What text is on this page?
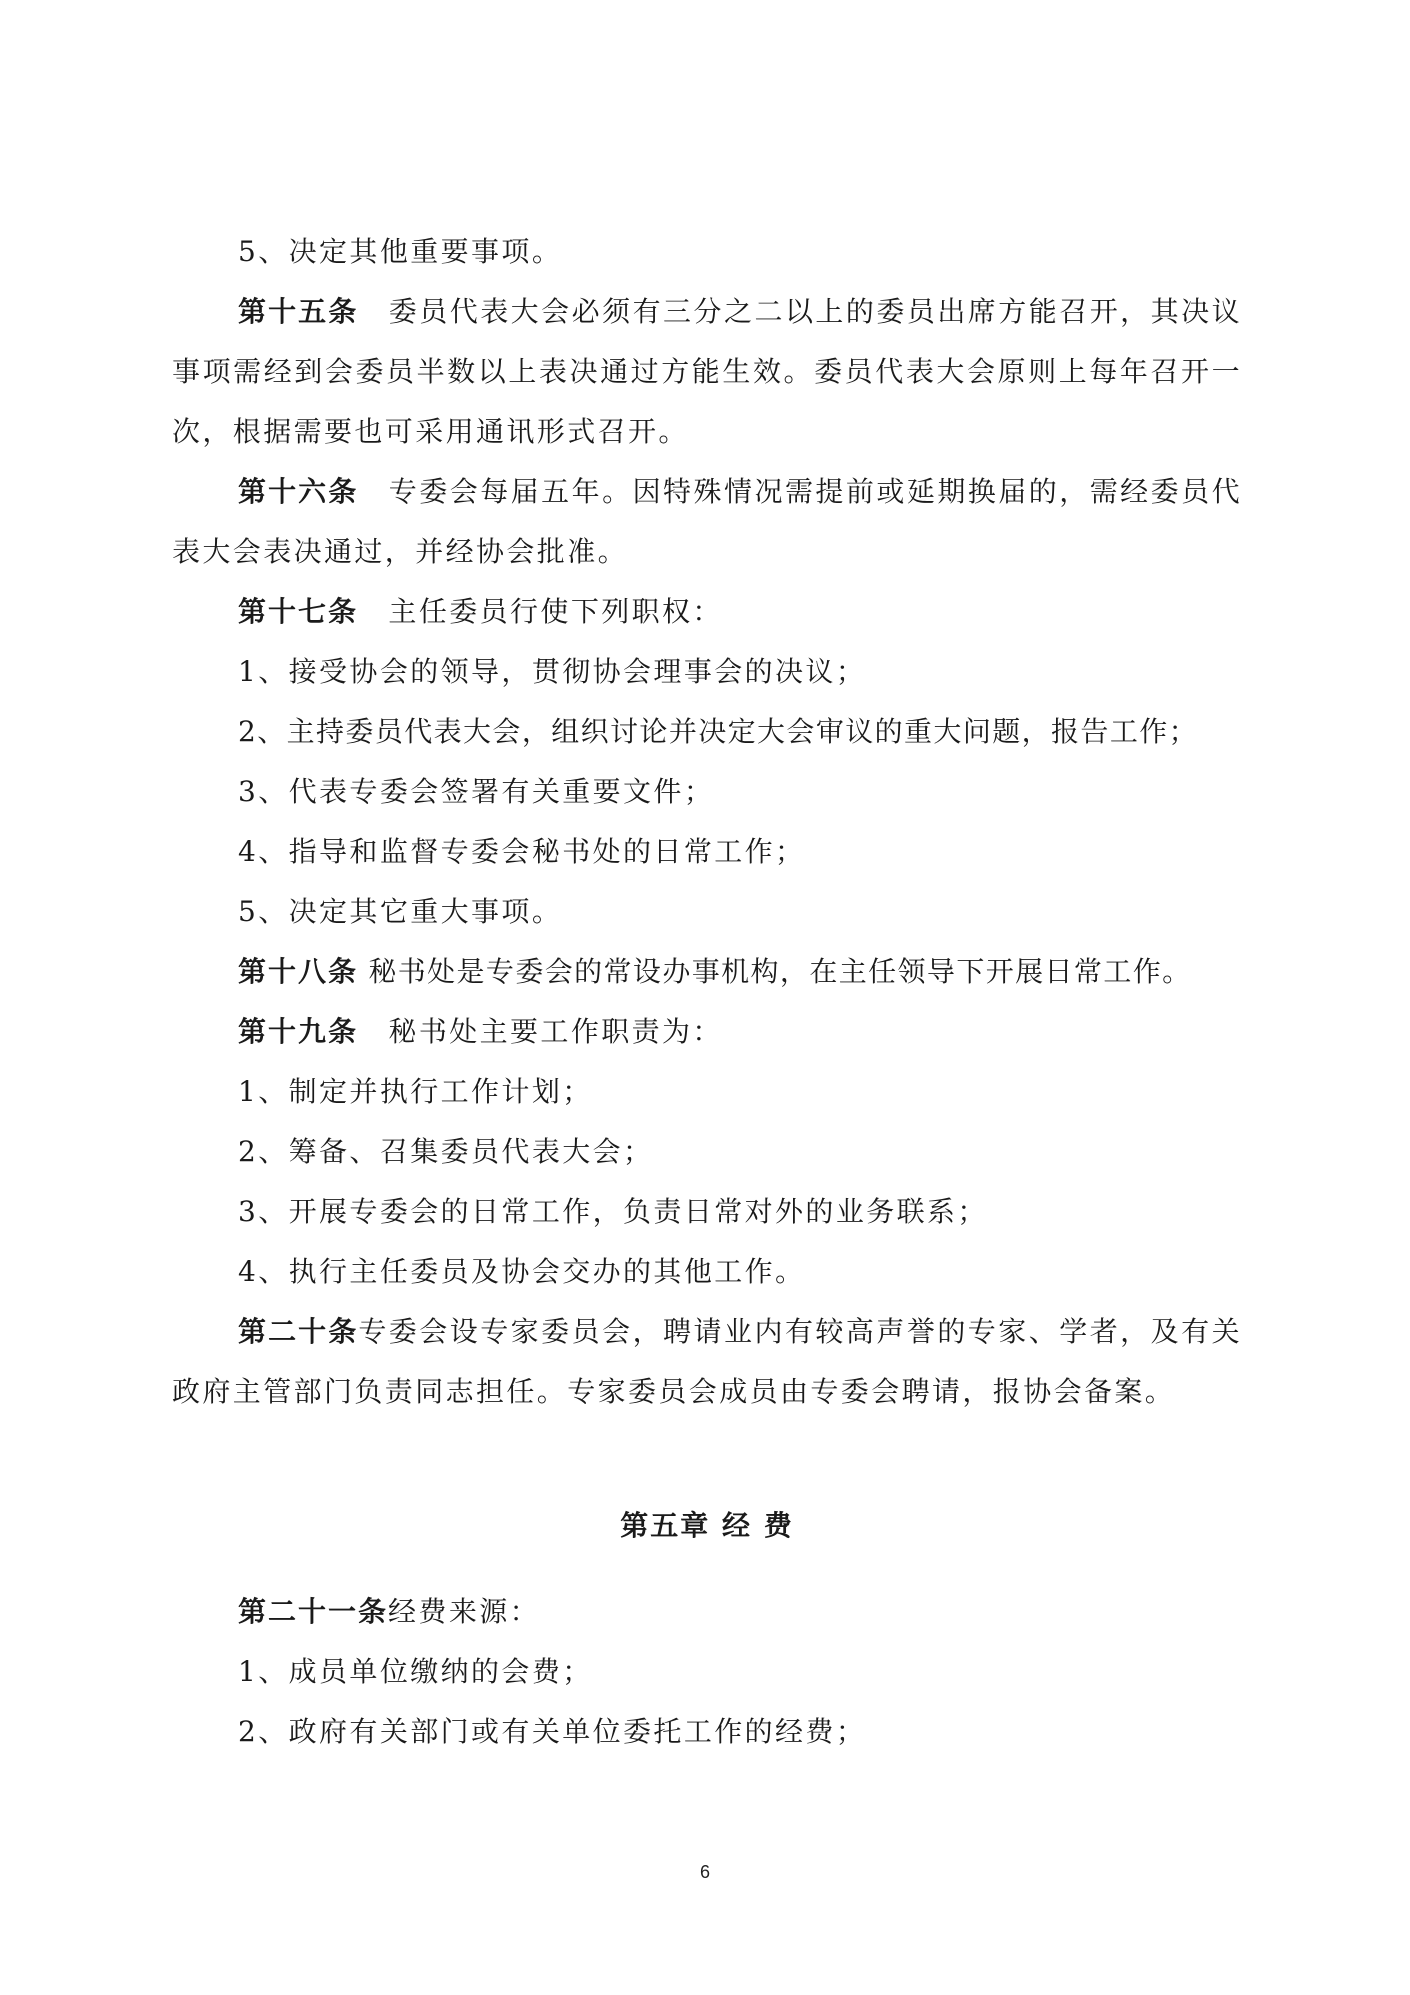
5、决定其他重要事项。

第十五条　委员代表大会必须有三分之二以上的委员出席方能召开，其决议事项需经到会委员半数以上表决通过方能生效。委员代表大会原则上每年召开一次，根据需要也可采用通讯形式召开。

第十六条　专委会每届五年。因特殊情况需提前或延期换届的，需经委员代表大会表决通过，并经协会批准。

第十七条　主任委员行使下列职权：

1、接受协会的领导，贯彻协会理事会的决议；

2、主持委员代表大会，组织讨论并决定大会审议的重大问题，报告工作；

3、代表专委会签署有关重要文件；

4、指导和监督专委会秘书处的日常工作；

5、决定其它重大事项。

第十八条 秘书处是专委会的常设办事机构，在主任领导下开展日常工作。

第十九条　秘书处主要工作职责为：

1、制定并执行工作计划；

2、筹备、召集委员代表大会；

3、开展专委会的日常工作，负责日常对外的业务联系；

4、执行主任委员及协会交办的其他工作。

第二十条专委会设专家委员会，聘请业内有较高声誉的专家、学者，及有关政府主管部门负责同志担任。专家委员会成员由专委会聘请，报协会备案。

第五章 经 费

第二十一条经费来源：

1、成员单位缴纳的会费；

2、政府有关部门或有关单位委托工作的经费；

6
